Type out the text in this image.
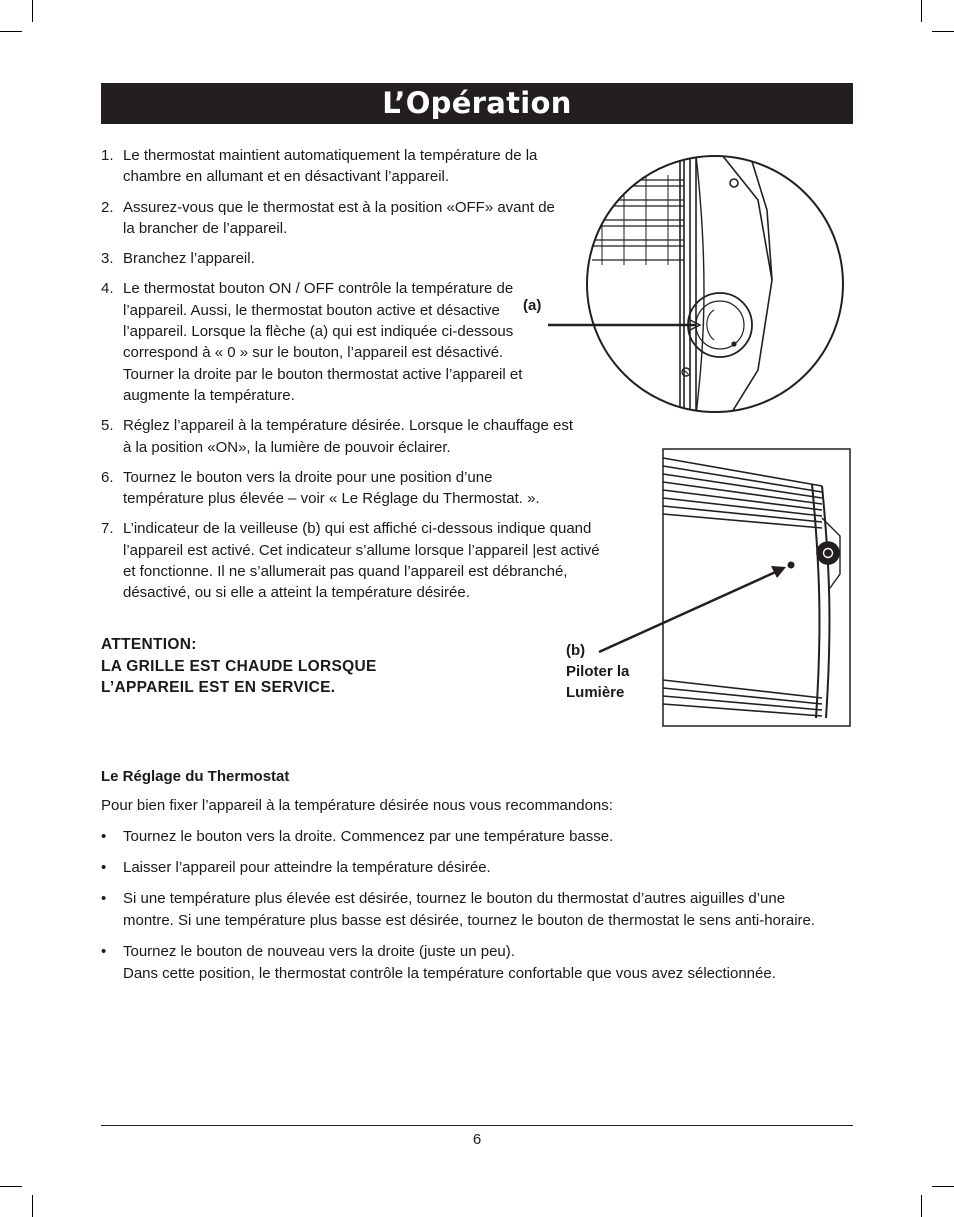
L’Opération
1. Le thermostat maintient automatiquement la température de la chambre en allumant et en désactivant l’appareil.
2. Assurez-vous que le thermostat est à la position «OFF» avant de la brancher de l’appareil.
3. Branchez l’appareil.
4. Le thermostat bouton ON / OFF contrôle la température de l’appareil. Aussi, le thermostat bouton active et désactive l’appareil. Lorsque la flèche (a) qui est indiquée ci-dessous correspond à « 0 » sur le bouton, l’appareil est désactivé. Tourner la droite par le bouton thermostat active l’appareil et augmente la température.
5. Réglez l’appareil à la température désirée. Lorsque le chauffage est à la position «ON», la lumière de pouvoir éclairer.
6. Tournez le bouton vers la droite pour une position d’une température plus élevée – voir « Le Réglage du Thermostat. ».
7. L’indicateur de la veilleuse (b) qui est affiché ci-dessous indique quand l’appareil est activé. Cet indicateur s’allume lorsque l’appareil |est activé et fonctionne. Il ne s’allumerait pas quand l’appareil est débranché, désactivé, ou si elle a atteint la température désirée.
ATTENTION:
LA GRILLE EST CHAUDE LORSQUE
L’APPAREIL EST EN SERVICE.
(a)
(b)
Piloter la
Lumière
Le Réglage du Thermostat
Pour bien fixer l’appareil à la température désirée nous vous recommandons:
• Tournez le bouton vers la droite. Commencez par une température basse.
• Laisser l’appareil pour atteindre la température désirée.
• Si une température plus élevée est désirée, tournez le bouton du thermostat d’autres aiguilles d’une montre. Si une température plus basse est désirée, tournez le bouton de thermostat le sens anti-horaire.
• Tournez le bouton de nouveau vers la droite (juste un peu).
Dans cette position, le thermostat contrôle la température confortable que vous avez sélectionnée.
6
